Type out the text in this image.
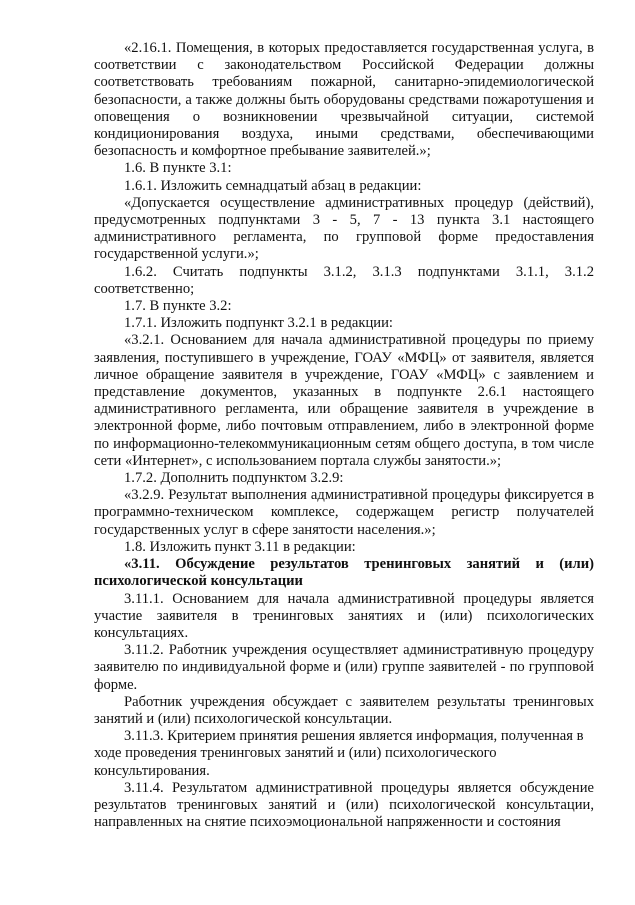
«2.16.1. Помещения, в которых предоставляется государственная услуга, в соответствии с законодательством Российской Федерации должны соответствовать требованиям пожарной, санитарно-эпидемиологической безопасности, а также должны быть оборудованы средствами пожаротушения и оповещения о возникновении чрезвычайной ситуации, системой кондиционирования воздуха, иными средствами, обеспечивающими безопасность и комфортное пребывание заявителей.»;

1.6. В пункте 3.1:

1.6.1. Изложить семнадцатый абзац в редакции:

«Допускается осуществление административных процедур (действий), предусмотренных подпунктами 3 - 5, 7 - 13 пункта 3.1 настоящего административного регламента, по групповой форме предоставления государственной услуги.»;

1.6.2. Считать подпункты 3.1.2, 3.1.3 подпунктами 3.1.1, 3.1.2 соответственно;

1.7. В пункте 3.2:

1.7.1. Изложить подпункт 3.2.1 в редакции:

«3.2.1. Основанием для начала административной процедуры по приему заявления, поступившего в учреждение, ГОАУ «МФЦ» от заявителя, является личное обращение заявителя в учреждение, ГОАУ «МФЦ» с заявлением и представление документов, указанных в подпункте 2.6.1 настоящего административного регламента, или обращение заявителя в учреждение в электронной форме, либо почтовым отправлением, либо в электронной форме по информационно-телекоммуникационным сетям общего доступа, в том числе сети «Интернет», с использованием портала службы занятости.»;

1.7.2. Дополнить подпунктом 3.2.9:

«3.2.9. Результат выполнения административной процедуры фиксируется в программно-техническом комплексе, содержащем регистр получателей государственных услуг в сфере занятости населения.»;

1.8. Изложить пункт 3.11 в редакции:

«3.11. Обсуждение результатов тренинговых занятий и (или) психологической консультации

3.11.1. Основанием для начала административной процедуры является участие заявителя в тренинговых занятиях и (или) психологических консультациях.

3.11.2. Работник учреждения осуществляет административную процедуру заявителю по индивидуальной форме и (или) группе заявителей - по групповой форме.

Работник учреждения обсуждает с заявителем результаты тренинговых занятий и (или) психологической консультации.

3.11.3. Критерием принятия решения является информация, полученная в ходе проведения тренинговых занятий и (или) психологического консультирования.

3.11.4. Результатом административной процедуры является обсуждение результатов тренинговых занятий и (или) психологической консультации, направленных на снятие психоэмоциональной напряженности и состояния
